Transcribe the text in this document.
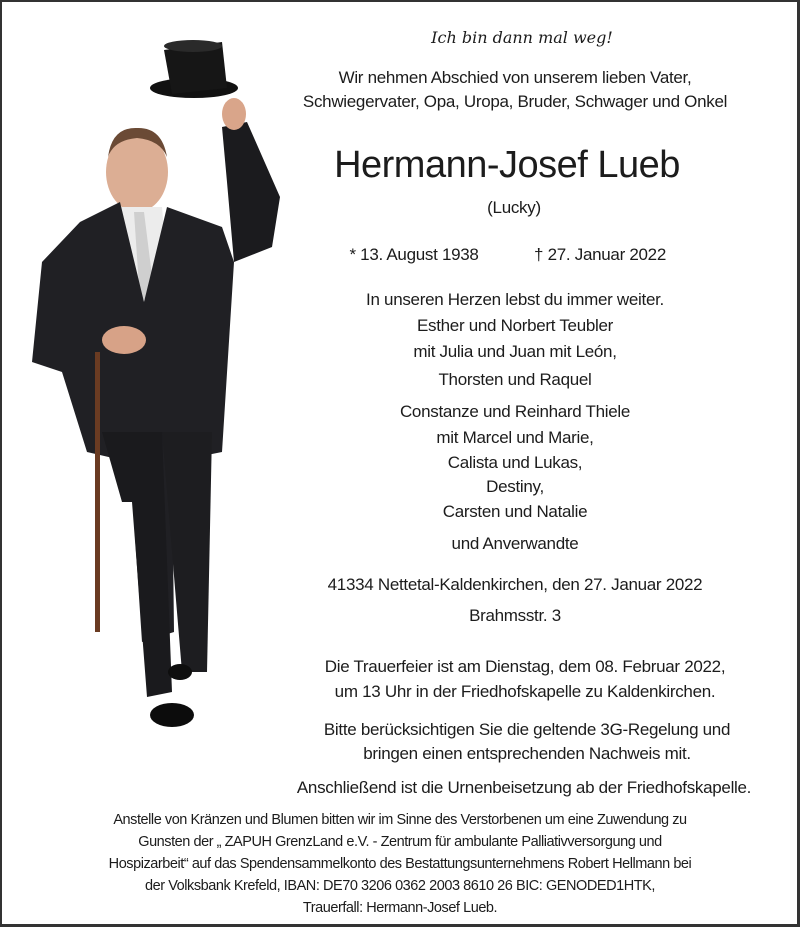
Ich bin dann mal weg!
Wir nehmen Abschied von unserem lieben Vater,
Schwiegervater, Opa, Uropa, Bruder, Schwager und Onkel
Hermann-Josef Lueb
(Lucky)
* 13. August 1938	† 27. Januar 2022
In unseren Herzen lebst du immer weiter.
Esther und Norbert Teubler
mit Julia und Juan mit León,
Thorsten und Raquel
Constanze und Reinhard Thiele
mit Marcel und Marie,
Calista und Lukas,
Destiny,
Carsten und Natalie
und Anverwandte
41334 Nettetal-Kaldenkirchen, den 27. Januar 2022
Brahmsstr. 3
Die Trauerfeier ist am Dienstag, dem 08. Februar 2022,
um 13 Uhr in der Friedhofskapelle zu Kaldenkirchen.
Bitte berücksichtigen Sie die geltende 3G-Regelung und
bringen einen entsprechenden Nachweis mit.
Anschließend ist die Urnenbeisetzung ab der Friedhofskapelle.
Anstelle von Kränzen und Blumen bitten wir im Sinne des Verstorbenen um eine Zuwendung zu
Gunsten der „ ZAPUH GrenzLand e.V. - Zentrum für ambulante Palliativversorgung und
Hospizarbeit“ auf das Spendensammelkonto des Bestattungsunternehmens Robert Hellmann bei
der Volksbank Krefeld, IBAN: DE70 3206 0362 2003 8610 26 BIC: GENODED1HTK,
Trauerfall: Hermann-Josef Lueb.
